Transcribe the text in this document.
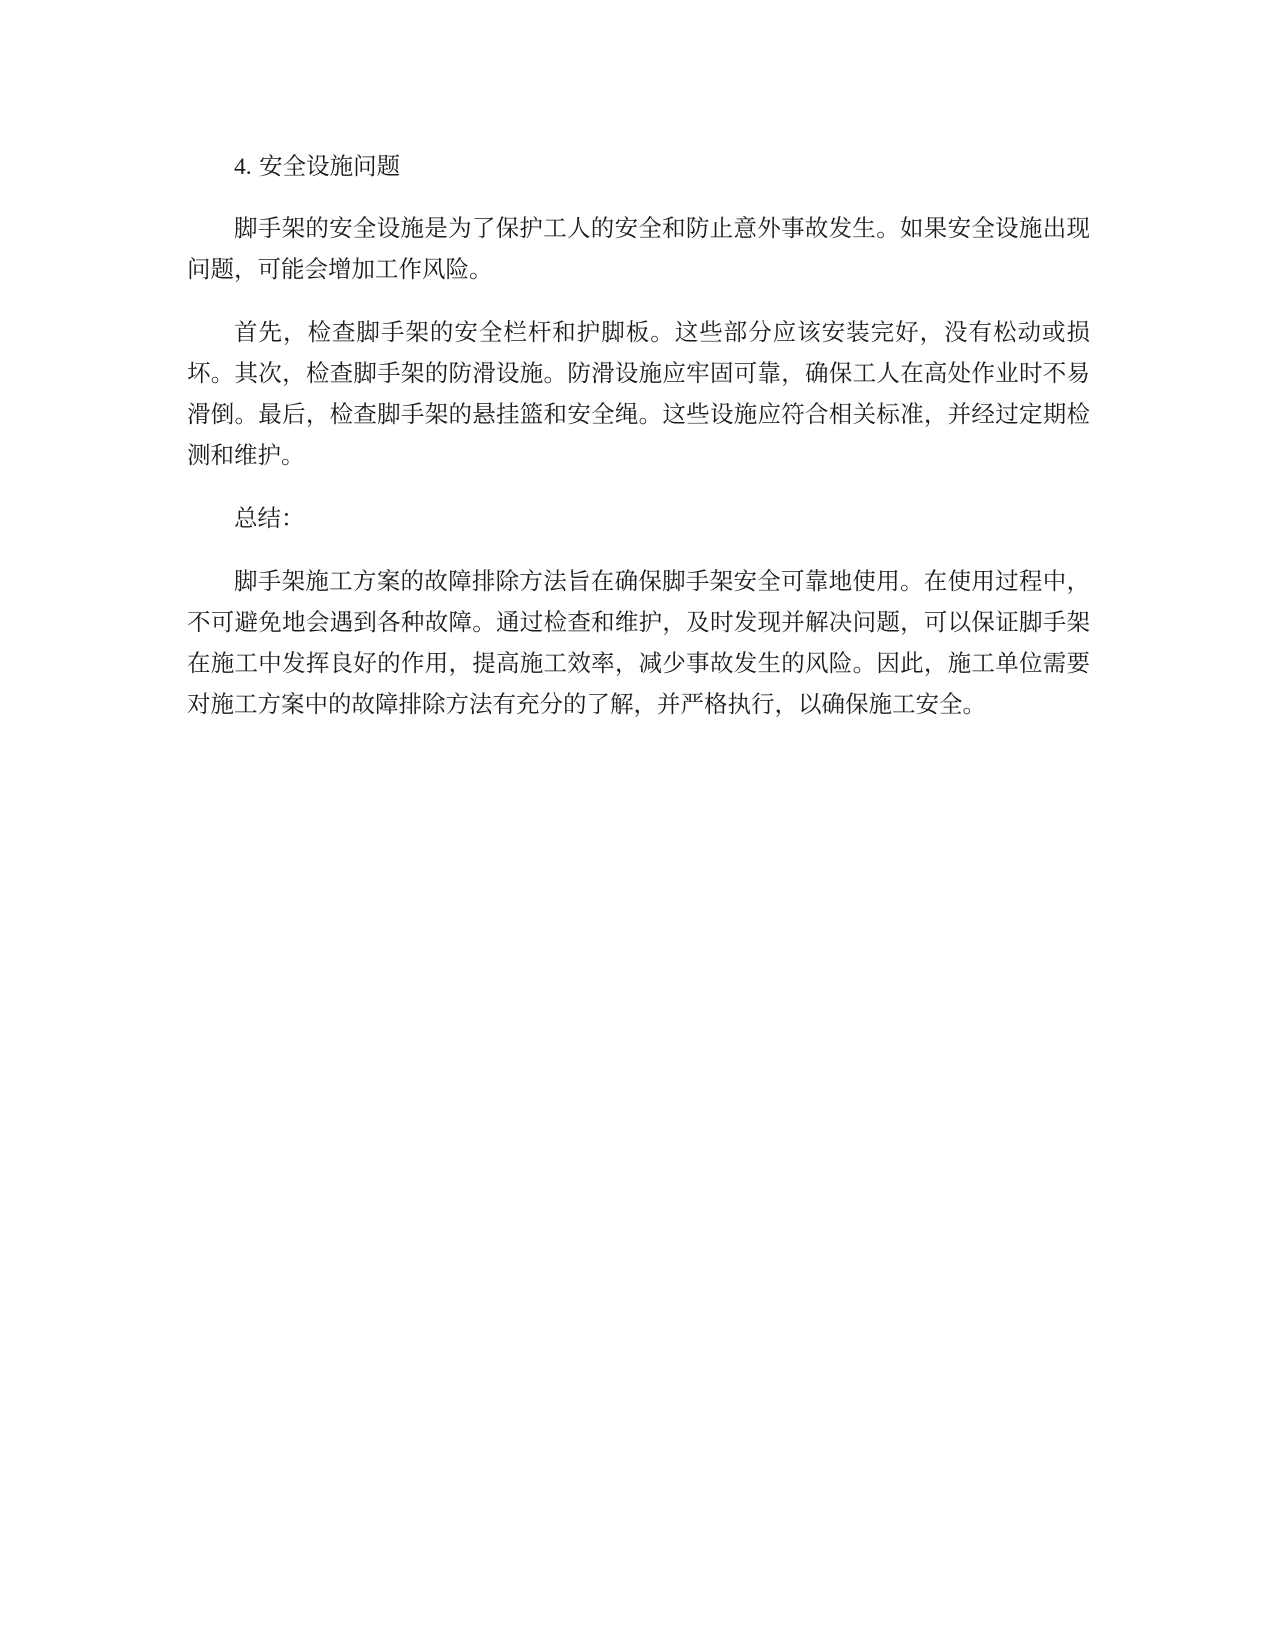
4. 安全设施问题

脚手架的安全设施是为了保护工人的安全和防止意外事故发生。如果安全设施出现问题，可能会增加工作风险。

首先，检查脚手架的安全栏杆和护脚板。这些部分应该安装完好，没有松动或损坏。其次，检查脚手架的防滑设施。防滑设施应牢固可靠，确保工人在高处作业时不易滑倒。最后，检查脚手架的悬挂篮和安全绳。这些设施应符合相关标准，并经过定期检测和维护。

总结：

脚手架施工方案的故障排除方法旨在确保脚手架安全可靠地使用。在使用过程中，不可避免地会遇到各种故障。通过检查和维护，及时发现并解决问题，可以保证脚手架在施工中发挥良好的作用，提高施工效率，减少事故发生的风险。因此，施工单位需要对施工方案中的故障排除方法有充分的了解，并严格执行，以确保施工安全。
